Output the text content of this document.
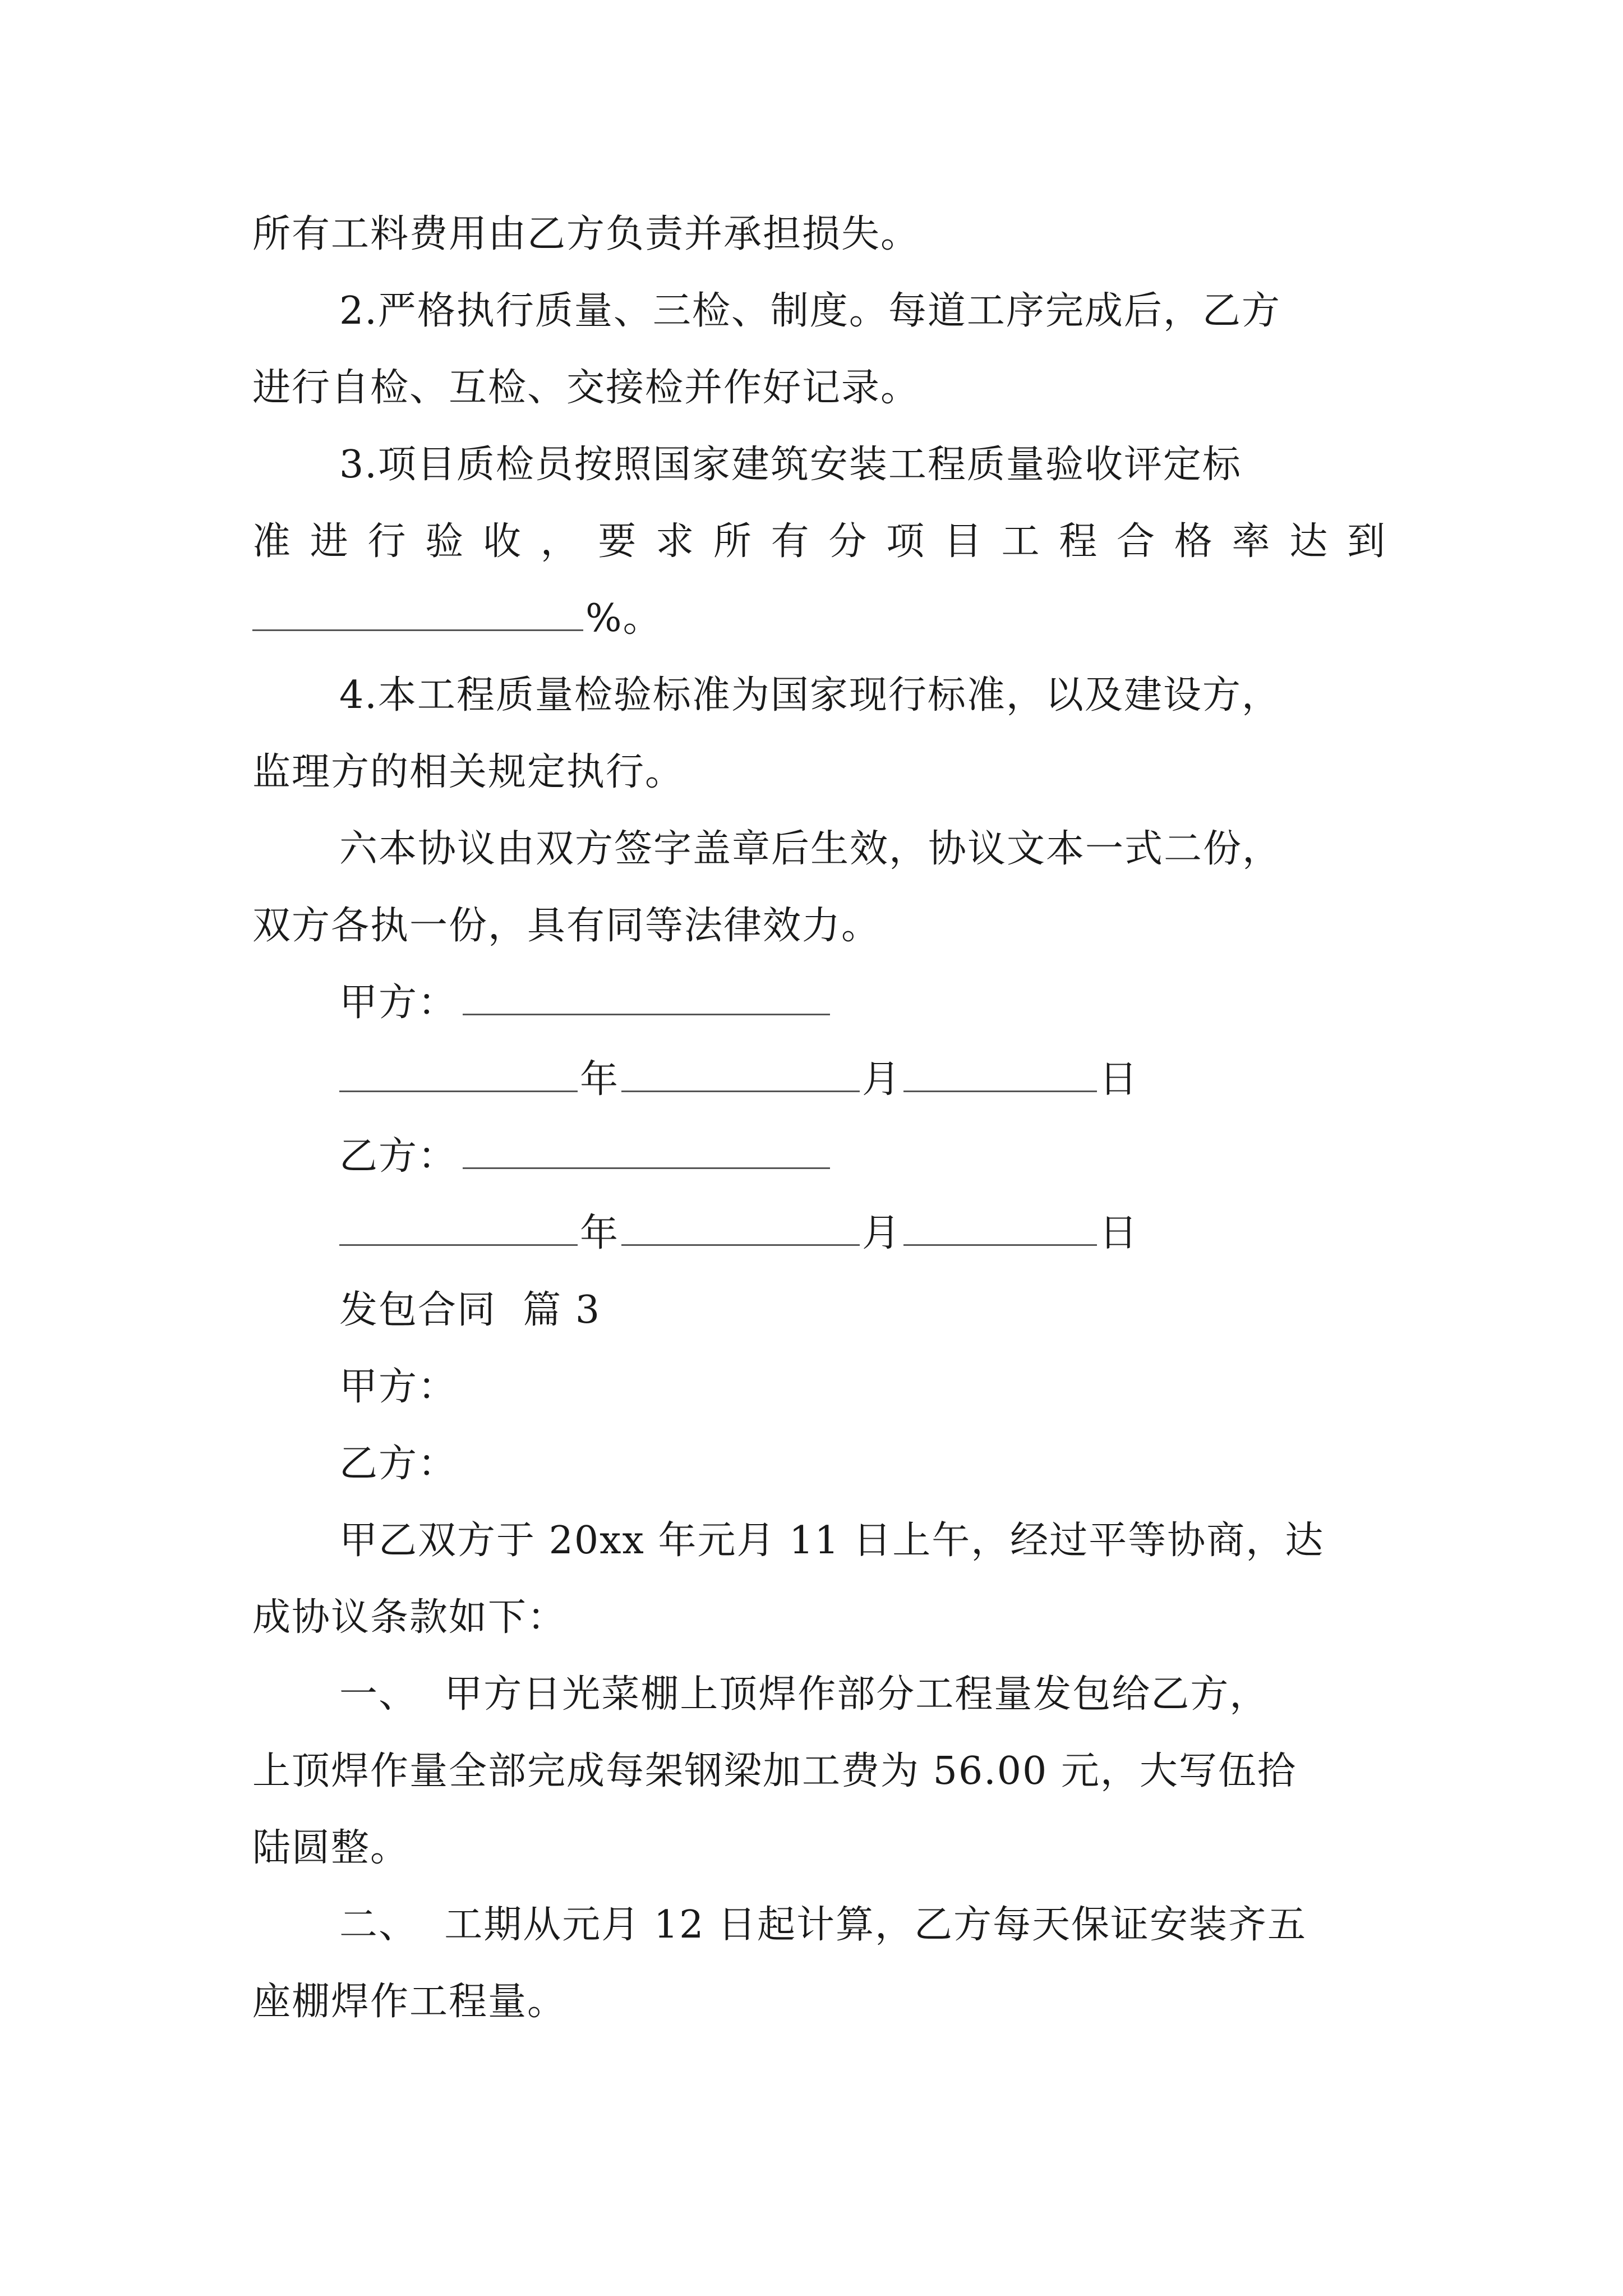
所有工料费用由乙方负责并承担损失。
2.严格执行质量、三检、制度。每道工序完成后，乙方
进行自检、互检、交接检并作好记录。
3.项目质检员按照国家建筑安装工程质量验收评定标
准 进 行 验 收 ， 要 求 所 有 分 项 目 工 程 合 格 率 达 到
%。
4.本工程质量检验标准为国家现行标准，以及建设方，
监理方的相关规定执行。
六本协议由双方签字盖章后生效，协议文本一式二份，
双方各执一份，具有同等法律效力。
甲方：
年	月	日
乙方：
年	月	日
发包合同  篇 3
甲方：
乙方：
甲乙双方于 20xx 年元月 11 日上午，经过平等协商，达
成协议条款如下：
一、  甲方日光菜棚上顶焊作部分工程量发包给乙方，
上顶焊作量全部完成每架钢梁加工费为 56.00 元，大写伍拾
陆圆整。
二、  工期从元月 12 日起计算，乙方每天保证安装齐五
座棚焊作工程量。
